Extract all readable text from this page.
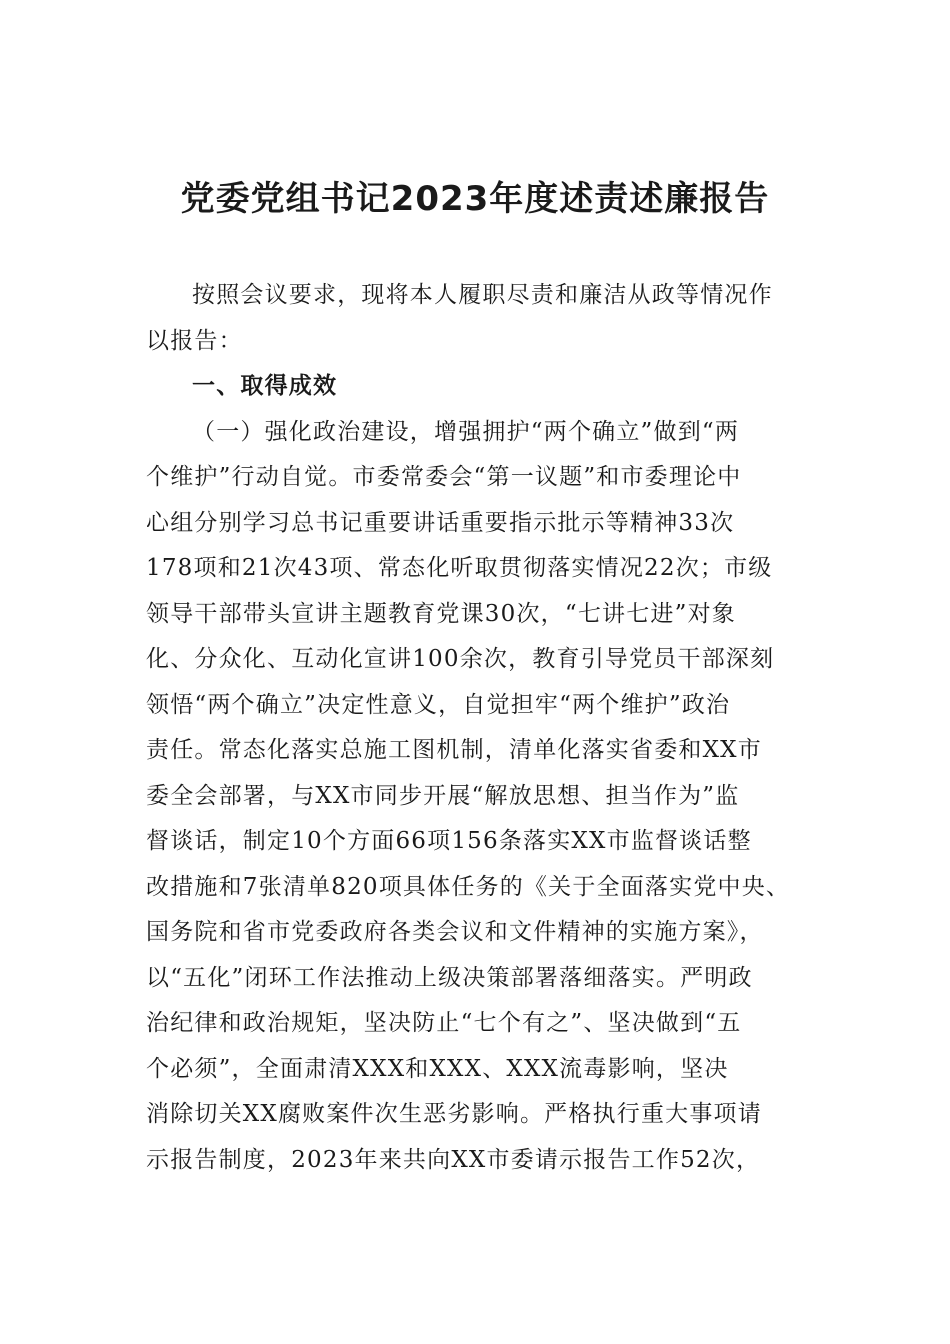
党委党组书记2023年度述责述廉报告

按照会议要求，现将本人履职尽责和廉洁从政等情况作

以报告：

一、取得成效

（一）强化政治建设，增强拥护“两个确立”做到“两

个维护”行动自觉。市委常委会“第一议题”和市委理论中

心组分别学习总书记重要讲话重要指示批示等精神33次

178项和21次43项、常态化听取贯彻落实情况22次；市级

领导干部带头宣讲主题教育党课30次，“七讲七进”对象

化、分众化、互动化宣讲100余次，教育引导党员干部深刻

领悟“两个确立”决定性意义，自觉担牢“两个维护”政治

责任。常态化落实总施工图机制，清单化落实省委和XX市

委全会部署，与XX市同步开展“解放思想、担当作为”监

督谈话，制定10个方面66项156条落实XX市监督谈话整

改措施和7张清单820项具体任务的《关于全面落实党中央、

国务院和省市党委政府各类会议和文件精神的实施方案》，

以“五化”闭环工作法推动上级决策部署落细落实。严明政

治纪律和政治规矩，坚决防止“七个有之”、坚决做到“五

个必须”，全面肃清XXX和XXX、XXX流毒影响，坚决

消除切关XX腐败案件次生恶劣影响。严格执行重大事项请

示报告制度，2023年来共向XX市委请示报告工作52次，
